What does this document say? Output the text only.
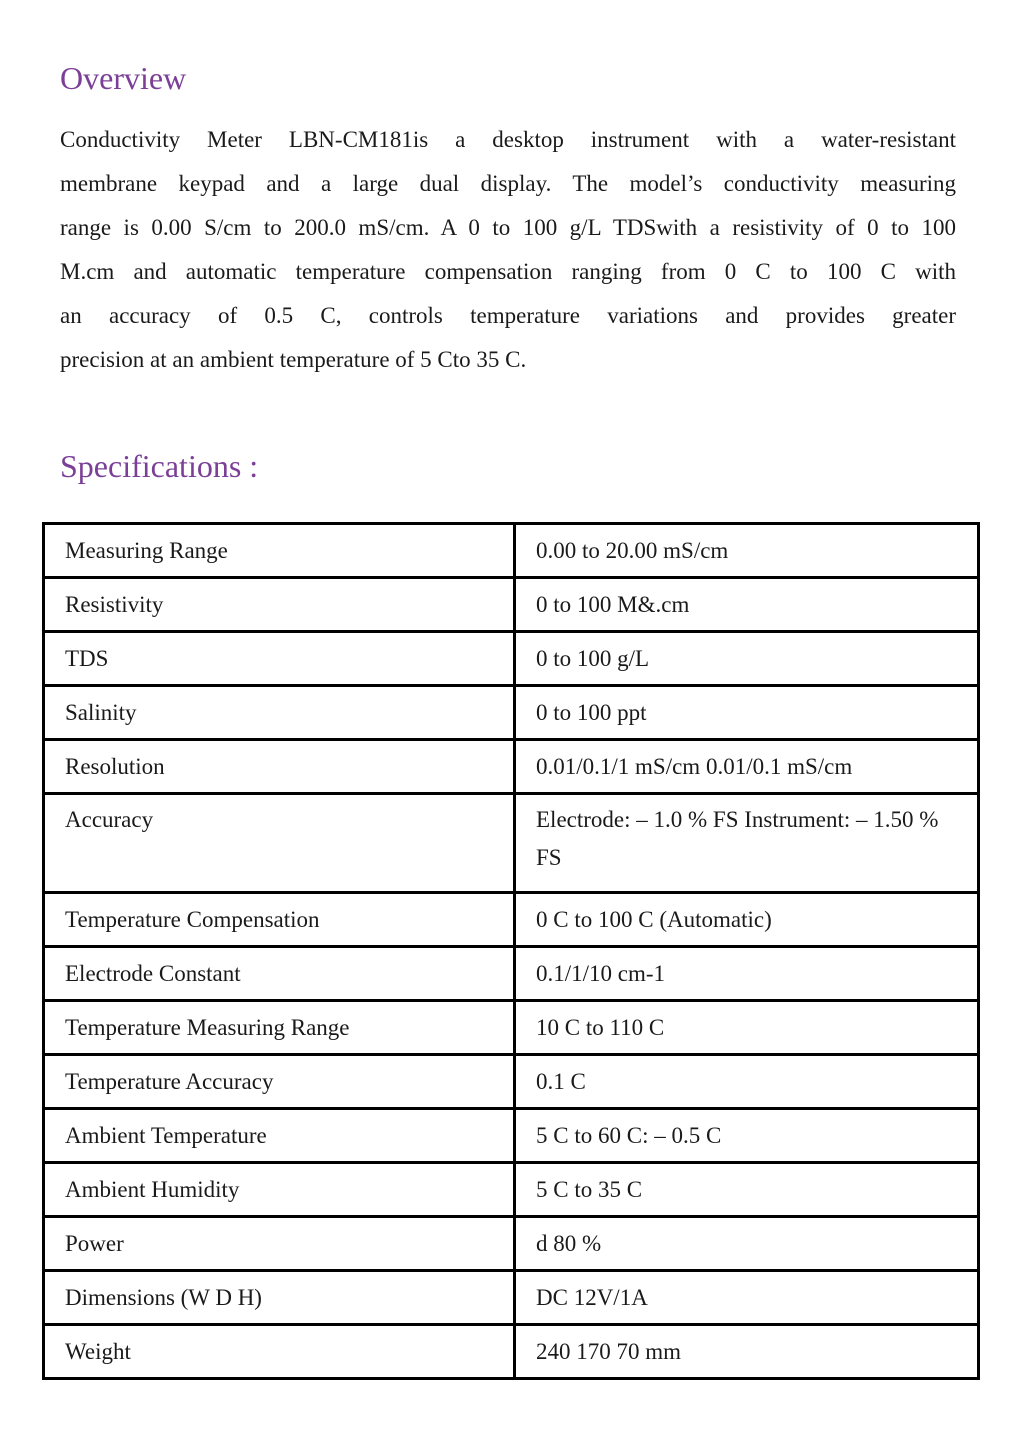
Overview

Conductivity Meter LBN-CM181is a desktop instrument with a water-resistant
membrane keypad and a large dual display. The model’s conductivity measuring
range is 0.00 S/cm to 200.0 mS/cm. A 0 to 100 g/L TDSwith a resistivity of 0 to 100
M.cm and automatic temperature compensation ranging from 0 C to 100 C with
an accuracy of 0.5 C, controls temperature variations and provides greater
precision at an ambient temperature of 5 Cto 35 C.

Specifications :
Measuring Range	0.00 to 20.00 mS/cm
Resistivity	0 to 100 M&.cm
TDS	0 to 100 g/L
Salinity	0 to 100 ppt
Resolution	0.01/0.1/1 mS/cm 0.01/0.1 mS/cm
Accuracy	Electrode: – 1.0 % FS Instrument: – 1.50 % FS
Temperature Compensation	0 C to 100 C (Automatic)
Electrode Constant	0.1/1/10 cm-1
Temperature Measuring Range	10 C to 110 C
Temperature Accuracy	0.1 C
Ambient Temperature	5 C to 60 C: – 0.5 C
Ambient Humidity	5 C to 35 C
Power	d 80 %
Dimensions (W D H)	DC 12V/1A
Weight	240 170 70 mm
